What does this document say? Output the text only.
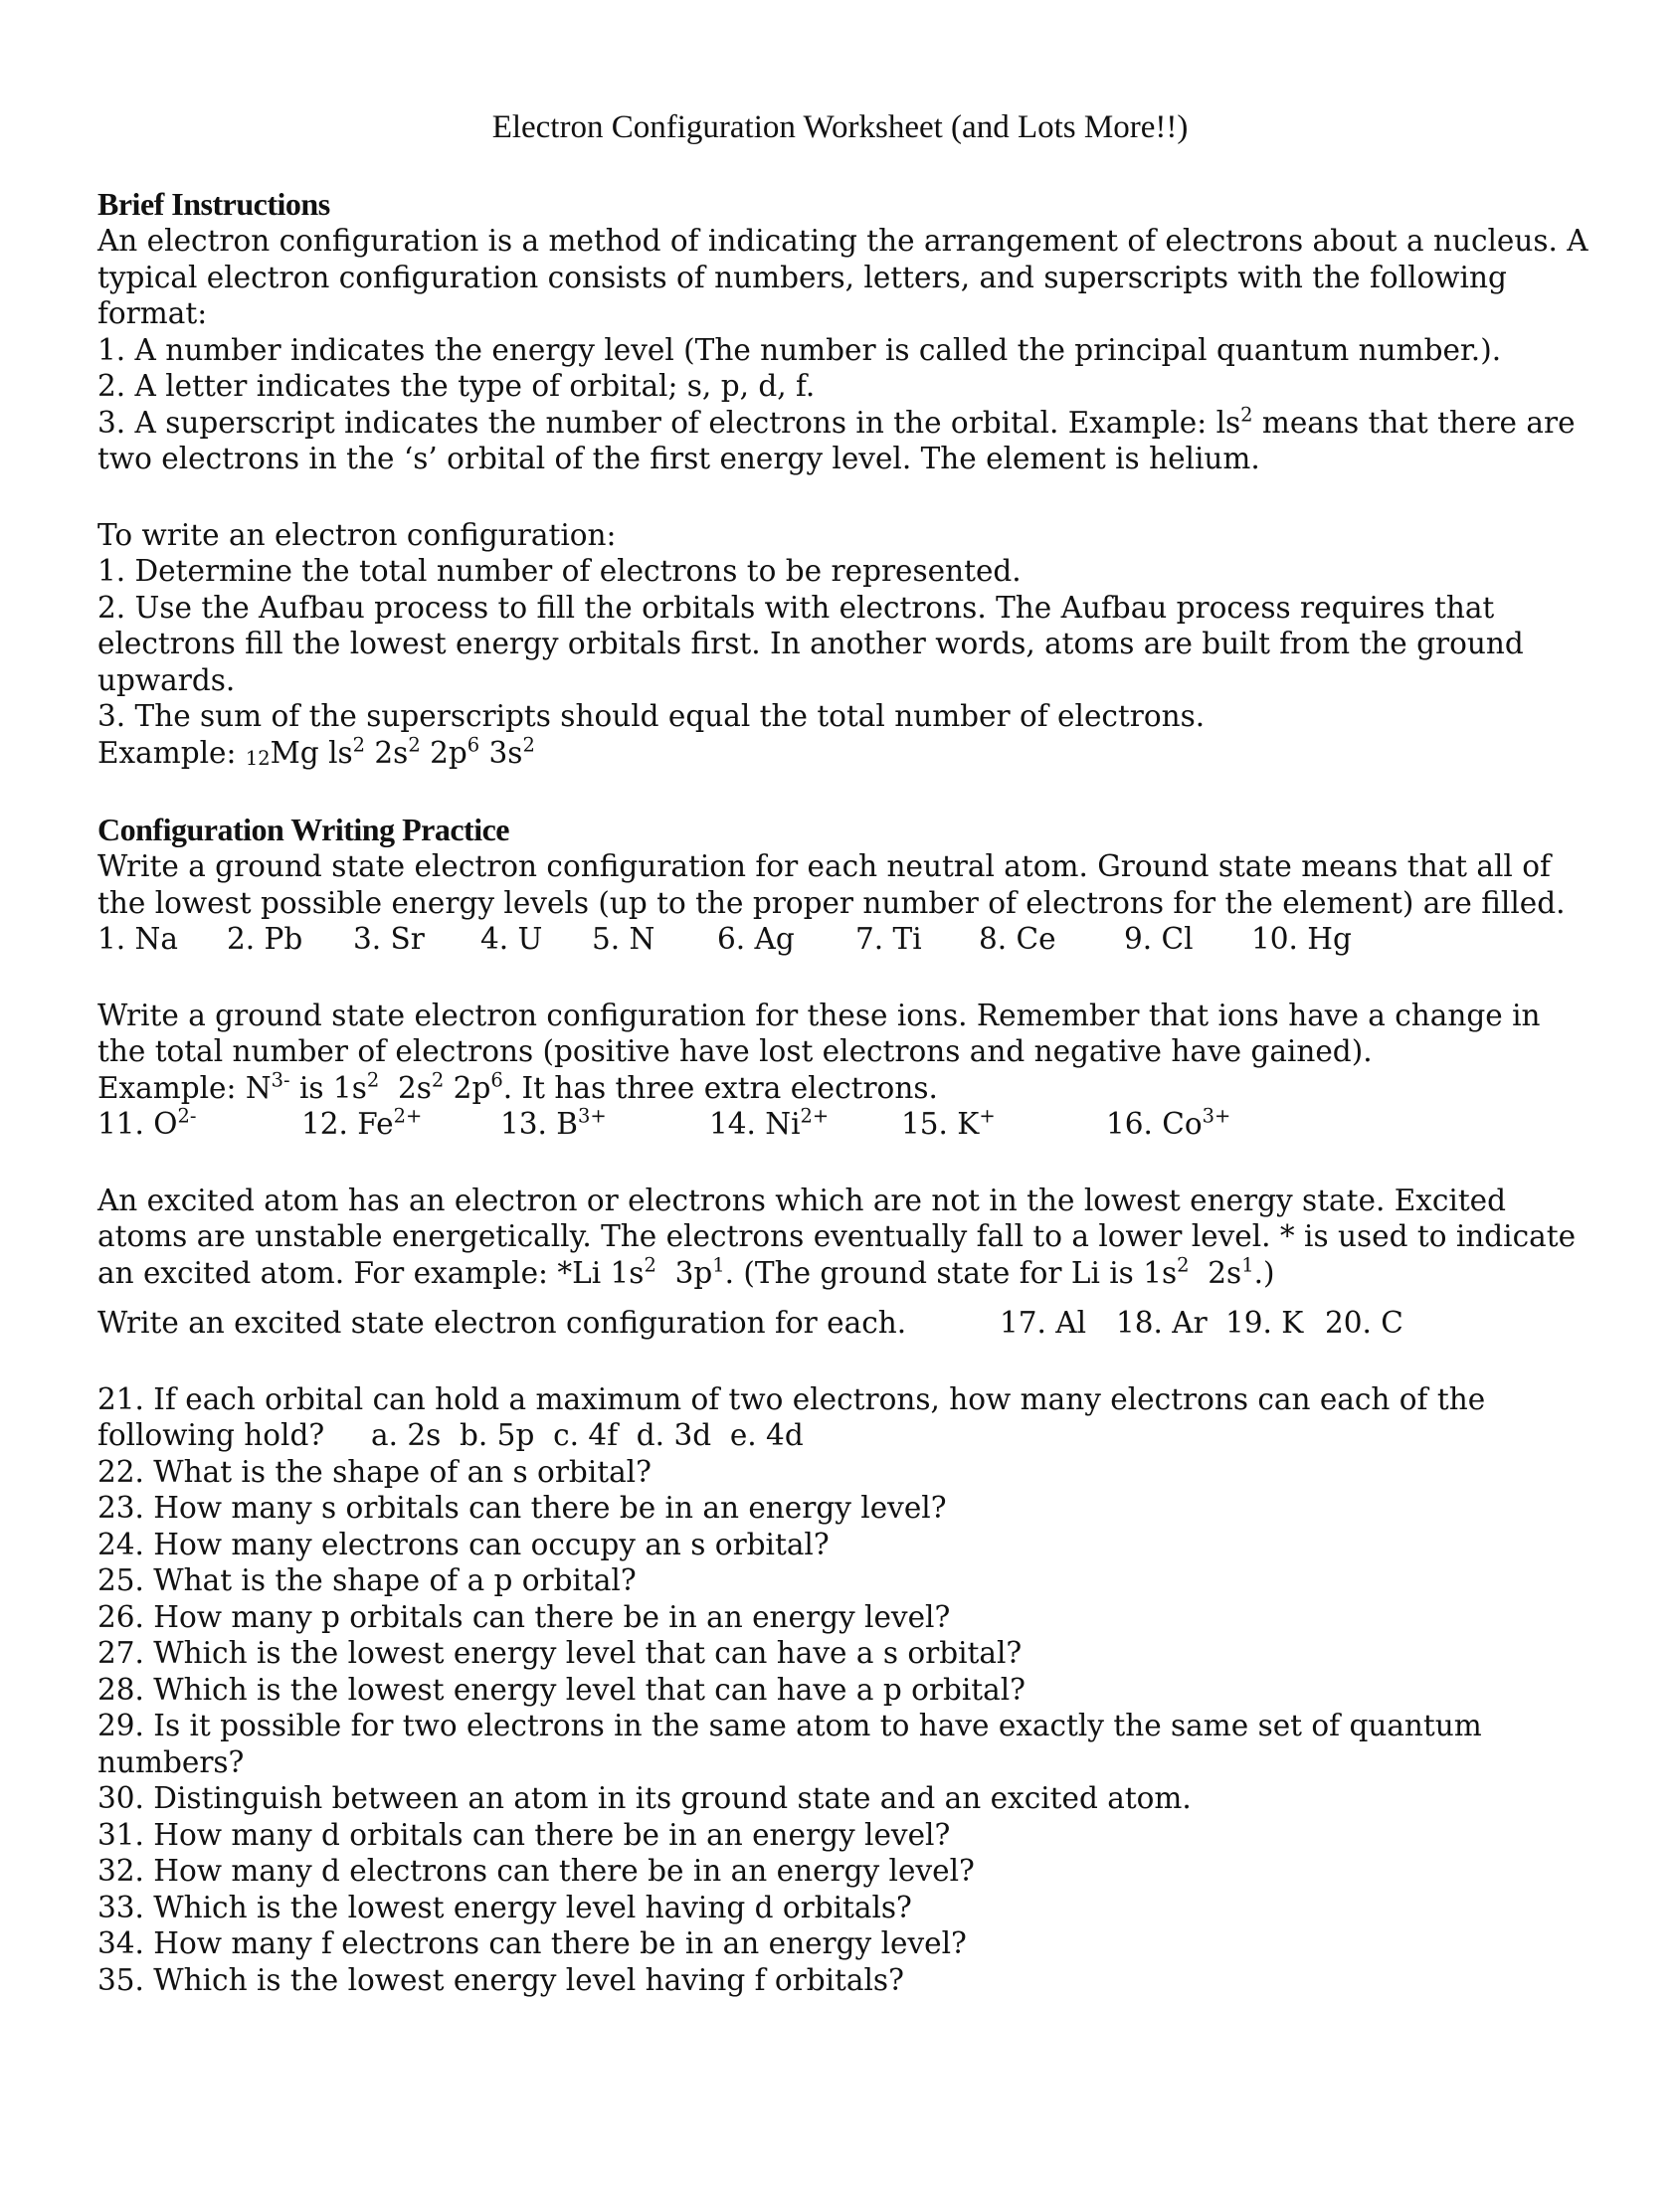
Electron Configuration Worksheet (and Lots More!!)

Brief Instructions

An electron configuration is a method of indicating the arrangement of electrons about a nucleus. A typical electron configuration consists of numbers, letters, and superscripts with the following format:

1. A number indicates the energy level (The number is called the principal quantum number.).

2. A letter indicates the type of orbital; s, p, d, f.

3. A superscript indicates the number of electrons in the orbital. Example: $ls^2$ means that there are two electrons in the ‘s’ orbital of the first energy level. The element is helium.

To write an electron configuration:

1. Determine the total number of electrons to be represented.

2. Use the Aufbau process to fill the orbitals with electrons. The Aufbau process requires that electrons fill the lowest energy orbitals first. In another words, atoms are built from the ground upwards.

3. The sum of the superscripts should equal the total number of electrons.

Example: $_{12}$Mg $ls^2$ $2s^2$ $2p^6$ $3s^2$

Configuration Writing Practice

Write a ground state electron configuration for each neutral atom. Ground state means that all of the lowest possible energy levels (up to the proper number of electrons for the element) are filled.

1. Na	2. Pb	3. Sr	4. U	5. N	6. Ag	7. Ti	8. Ce	9. Cl	10. Hg

Write a ground state electron configuration for these ions. Remember that ions have a change in the total number of electrons (positive have lost electrons and negative have gained).

Example: $N^{3-}$ is $1s^2$  $2s^2$ $2p^6$. It has three extra electrons.

11. $O^{2-}$	12. $Fe^{2+}$	13. $B^{3+}$	14. $Ni^{2+}$	15. K+	16. $Co^{3+}$

An excited atom has an electron or electrons which are not in the lowest energy state. Excited atoms are unstable energetically. The electrons eventually fall to a lower level. * is used to indicate an excited atom. For example: *Li $1s^2$  $3p^1$. (The ground state for Li is $1s^2$  $2s^1$.)

Write an excited state electron configuration for each.	17. Al	18. Ar 19. K 20. C
21. If each orbital can hold a maximum of two electrons, how many electrons can each of the following hold?     a. 2s  b. 5p  c. 4f  d. 3d  e. 4d
22. What is the shape of an s orbital?
23. How many s orbitals can there be in an energy level?
24. How many electrons can occupy an s orbital?
25. What is the shape of a p orbital?
26. How many p orbitals can there be in an energy level?
27. Which is the lowest energy level that can have a s orbital?
28. Which is the lowest energy level that can have a p orbital?
29. Is it possible for two electrons in the same atom to have exactly the same set of quantum numbers?
30. Distinguish between an atom in its ground state and an excited atom.
31. How many d orbitals can there be in an energy level?
32. How many d electrons can there be in an energy level?
33. Which is the lowest energy level having d orbitals?
34. How many f electrons can there be in an energy level?
35. Which is the lowest energy level having f orbitals?
